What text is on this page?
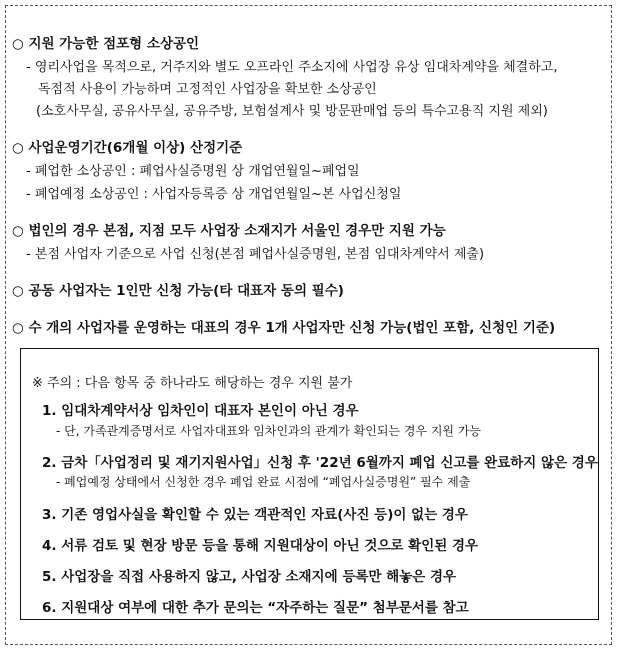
○ 지원 가능한 점포형 소상공인
- 영리사업을 목적으로, 거주지와 별도 오프라인 주소지에 사업장 유상 임대차계약을 체결하고,
독점적 사용이 가능하며 고정적인 사업장을 확보한 소상공인
(소호사무실, 공유사무실, 공유주방, 보험설계사 및 방문판매업 등의 특수고용직 지원 제외)
○ 사업운영기간(6개월 이상) 산정기준
- 폐업한 소상공인 : 폐업사실증명원 상 개업연월일~폐업일
- 폐업예정 소상공인 : 사업자등록증 상 개업연월일~본 사업신청일
○ 법인의 경우 본점, 지점 모두 사업장 소재지가 서울인 경우만 지원 가능
- 본점 사업자 기준으로 사업 신청(본점 폐업사실증명원, 본점 임대차계약서 제출)
○ 공동 사업자는 1인만 신청 가능(타 대표자 동의 필수)
○ 수 개의 사업자를 운영하는 대표의 경우 1개 사업자만 신청 가능(법인 포함, 신청인 기준)
※ 주의 : 다음 항목 중 하나라도 해당하는 경우 지원 불가
1. 임대차계약서상 임차인이 대표자 본인이 아닌 경우
- 단, 가족관계증명서로 사업자대표와 임차인과의 관계가 확인되는 경우 지원 가능
2. 금차「사업정리 및 재기지원사업」신청 후 '22년 6월까지 폐업 신고를 완료하지 않은 경우
- 폐업예정 상태에서 신청한 경우 폐업 완료 시점에 “폐업사실증명원” 필수 제출
3. 기존 영업사실을 확인할 수 있는 객관적인 자료(사진 등)이 없는 경우
4. 서류 검토 및 현장 방문 등을 통해 지원대상이 아닌 것으로 확인된 경우
5. 사업장을 직접 사용하지 않고, 사업장 소재지에 등록만 해놓은 경우
6. 지원대상 여부에 대한 추가 문의는 “자주하는 질문” 첨부문서를 참고
